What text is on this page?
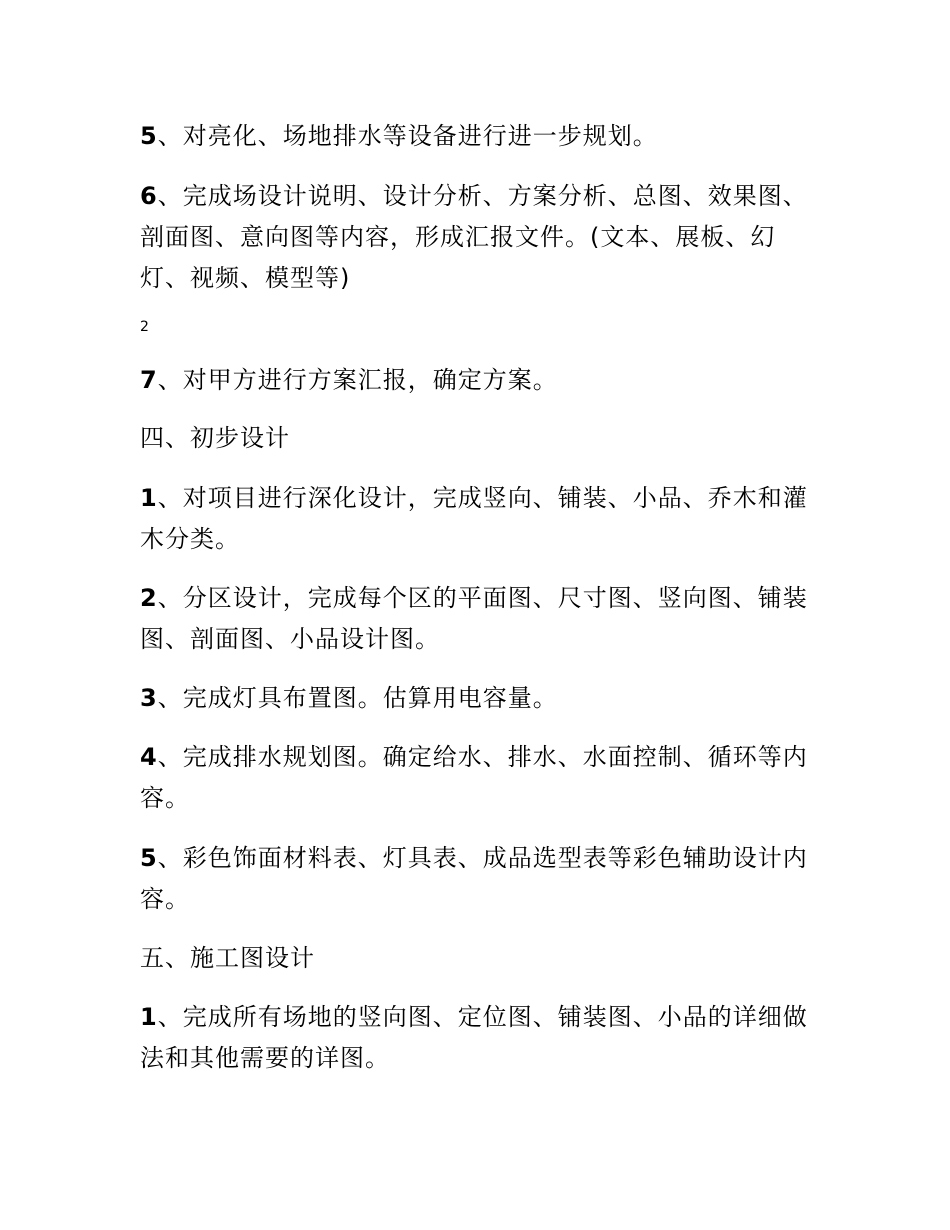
5、对亮化、场地排水等设备进行进一步规划。

6、完成场设计说明、设计分析、方案分析、总图、效果图、剖面图、意向图等内容，形成汇报文件。(文本、展板、幻灯、视频、模型等)

2

7、对甲方进行方案汇报，确定方案。

四、初步设计

1、对项目进行深化设计，完成竖向、铺装、小品、乔木和灌木分类。

2、分区设计，完成每个区的平面图、尺寸图、竖向图、铺装图、剖面图、小品设计图。

3、完成灯具布置图。估算用电容量。

4、完成排水规划图。确定给水、排水、水面控制、循环等内容。

5、彩色饰面材料表、灯具表、成品选型表等彩色辅助设计内容。

五、施工图设计

1、完成所有场地的竖向图、定位图、铺装图、小品的详细做法和其他需要的详图。
